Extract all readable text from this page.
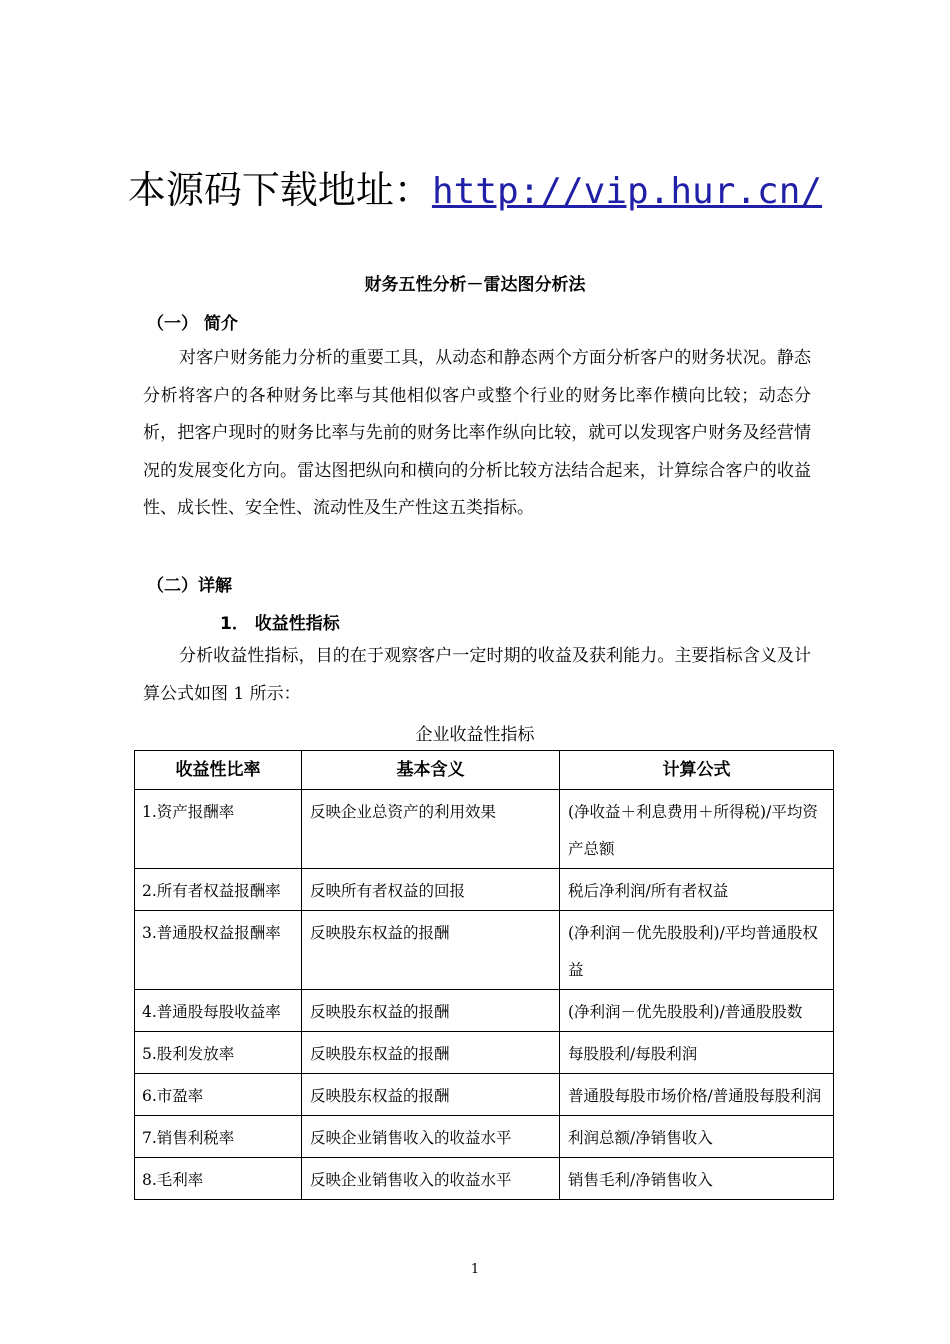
本源码下载地址：http://vip.hur.cn/
财务五性分析－雷达图分析法
（一） 简介

对客户财务能力分析的重要工具，从动态和静态两个方面分析客户的财务状况。静态分析将客户的各种财务比率与其他相似客户或整个行业的财务比率作横向比较；动态分析，把客户现时的财务比率与先前的财务比率作纵向比较，就可以发现客户财务及经营情况的发展变化方向。雷达图把纵向和横向的分析比较方法结合起来，计算综合客户的收益性、成长性、安全性、流动性及生产性这五类指标。

（二）详解
1． 收益性指标

分析收益性指标，目的在于观察客户一定时期的收益及获利能力。主要指标含义及计算公式如图 1 所示：

企业收益性指标
收益性比率	基本含义	计算公式
1.资产报酬率	反映企业总资产的利用效果	(净收益＋利息费用＋所得税)/平均资产总额
2.所有者权益报酬率	反映所有者权益的回报	税后净利润/所有者权益
3.普通股权益报酬率	反映股东权益的报酬	(净利润－优先股股利)/平均普通股权益
4.普通股每股收益率	反映股东权益的报酬	(净利润－优先股股利)/普通股股数
5.股利发放率	反映股东权益的报酬	每股股利/每股利润
6.市盈率	反映股东权益的报酬	普通股每股市场价格/普通股每股利润
7.销售利税率	反映企业销售收入的收益水平	利润总额/净销售收入
8.毛利率	反映企业销售收入的收益水平	销售毛利/净销售收入
1
